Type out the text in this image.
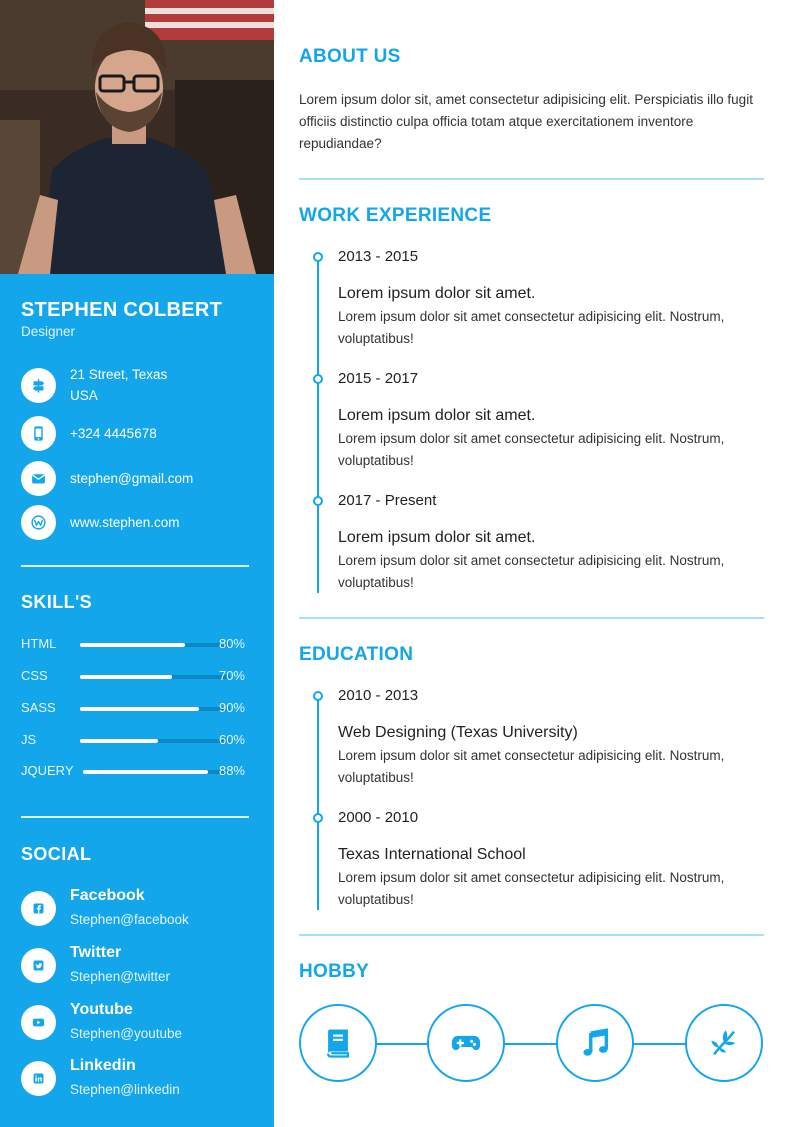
STEPHEN COLBERT

Designer

21 Street, Texas
USA
+324 4445678
stephen@gmail.com
www.stephen.com
SKILL'S
HTML	80%
CSS	70%
SASS	90%
JS	60%
JQUERY	88%
SOCIAL
Facebook
Stephen@facebook
Twitter
Stephen@twitter
Youtube
Stephen@youtube
Linkedin
Stephen@linkedin
ABOUT US

Lorem ipsum dolor sit, amet consectetur adipisicing elit. Perspiciatis illo fugit officiis distinctio culpa officia totam atque exercitationem inventore repudiandae?

WORK EXPERIENCE

2013 - 2015

Lorem ipsum dolor sit amet.

Lorem ipsum dolor sit amet consectetur adipisicing elit. Nostrum, voluptatibus!

2015 - 2017

Lorem ipsum dolor sit amet.

Lorem ipsum dolor sit amet consectetur adipisicing elit. Nostrum, voluptatibus!

2017 - Present

Lorem ipsum dolor sit amet.

Lorem ipsum dolor sit amet consectetur adipisicing elit. Nostrum, voluptatibus!

EDUCATION

2010 - 2013

Web Designing (Texas University)

Lorem ipsum dolor sit amet consectetur adipisicing elit. Nostrum, voluptatibus!

2000 - 2010

Texas International School

Lorem ipsum dolor sit amet consectetur adipisicing elit. Nostrum, voluptatibus!

HOBBY
